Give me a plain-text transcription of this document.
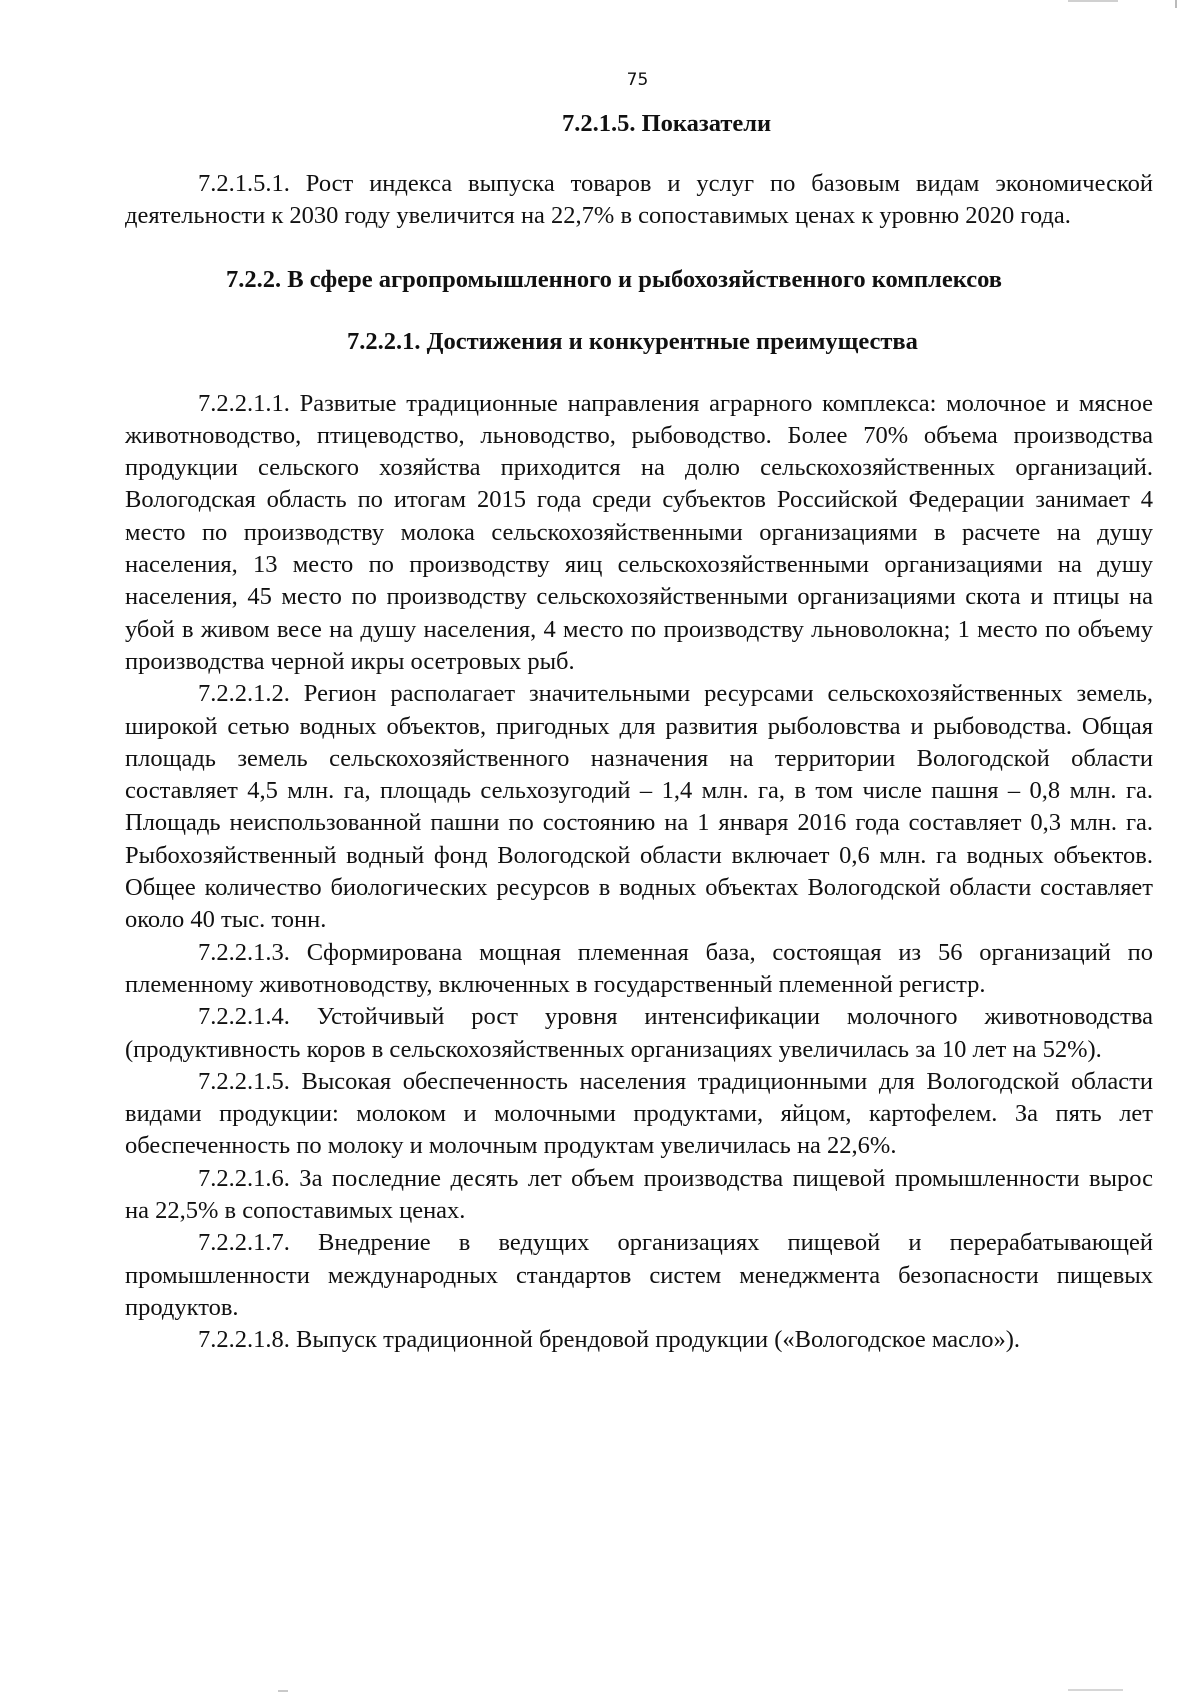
75
7.2.1.5. Показатели

7.2.1.5.1. Рост индекса выпуска товаров и услуг по базовым видам экономической деятельности к 2030 году увеличится на 22,7% в сопоставимых ценах к уровню 2020 года.

7.2.2. В сфере агропромышленного и рыбохозяйственного комплексов
7.2.2.1. Достижения и конкурентные преимущества

7.2.2.1.1. Развитые традиционные направления аграрного комплекса: молочное и мясное животноводство, птицеводство, льноводство, рыбоводство. Более 70% объема производства продукции сельского хозяйства приходится на долю сельскохозяйственных организаций. Вологодская область по итогам 2015 года среди субъектов Российской Федерации занимает 4 место по производству молока сельскохозяйственными организациями в расчете на душу населения, 13 место по производству яиц сельскохозяйственными организациями на душу населения, 45 место по производству сельскохозяйственными организациями скота и птицы на убой в живом весе на душу населения, 4 место по производству льноволокна; 1 место по объему производства черной икры осетровых рыб.

7.2.2.1.2. Регион располагает значительными ресурсами сельскохозяйственных земель, широкой сетью водных объектов, пригодных для развития рыболовства и рыбоводства. Общая площадь земель сельскохозяйственного назначения на территории Вологодской области составляет 4,5 млн. га, площадь сельхозугодий – 1,4 млн. га, в том числе пашня – 0,8 млн. га. Площадь неиспользованной пашни по состоянию на 1 января 2016 года составляет 0,3 млн. га. Рыбохозяйственный водный фонд Вологодской области включает 0,6 млн. га водных объектов. Общее количество биологических ресурсов в водных объектах Вологодской области составляет около 40 тыс. тонн.

7.2.2.1.3. Сформирована мощная племенная база, состоящая из 56 организаций по племенному животноводству, включенных в государственный племенной регистр.

7.2.2.1.4. Устойчивый рост уровня интенсификации молочного животноводства (продуктивность коров в сельскохозяйственных организациях увеличилась за 10 лет на 52%).

7.2.2.1.5. Высокая обеспеченность населения традиционными для Вологодской области видами продукции: молоком и молочными продуктами, яйцом, картофелем. За пять лет обеспеченность по молоку и молочным продуктам увеличилась на 22,6%.

7.2.2.1.6. За последние десять лет объем производства пищевой промышленности вырос на 22,5% в сопоставимых ценах.

7.2.2.1.7. Внедрение в ведущих организациях пищевой и перерабатывающей промышленности международных стандартов систем менеджмента безопасности пищевых продуктов.

7.2.2.1.8. Выпуск традиционной брендовой продукции («Вологодское масло»).
